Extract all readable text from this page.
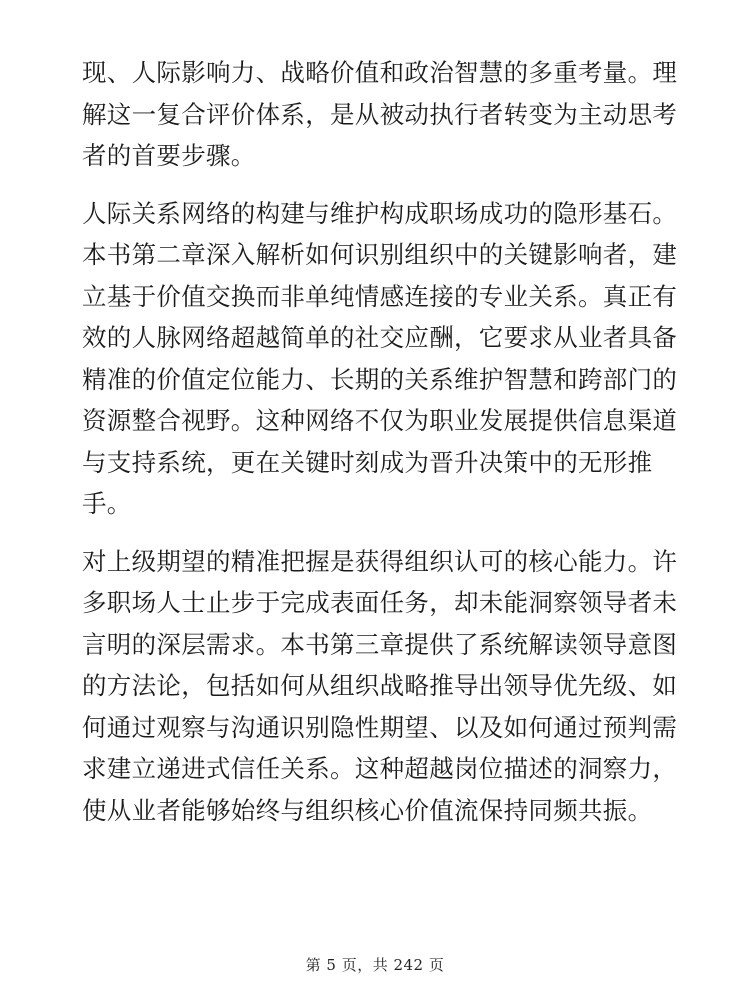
现、人际影响力、战略价值和政治智慧的多重考量。理解这一复合评价体系，是从被动执行者转变为主动思考者的首要步骤。

人际关系网络的构建与维护构成职场成功的隐形基石。本书第二章深入解析如何识别组织中的关键影响者，建立基于价值交换而非单纯情感连接的专业关系。真正有效的人脉网络超越简单的社交应酬，它要求从业者具备精准的价值定位能力、长期的关系维护智慧和跨部门的资源整合视野。这种网络不仅为职业发展提供信息渠道与支持系统，更在关键时刻成为晋升决策中的无形推手。

对上级期望的精准把握是获得组织认可的核心能力。许多职场人士止步于完成表面任务，却未能洞察领导者未言明的深层需求。本书第三章提供了系统解读领导意图的方法论，包括如何从组织战略推导出领导优先级、如何通过观察与沟通识别隐性期望、以及如何通过预判需求建立递进式信任关系。这种超越岗位描述的洞察力，使从业者能够始终与组织核心价值流保持同频共振。

第 5 页，共 242 页
